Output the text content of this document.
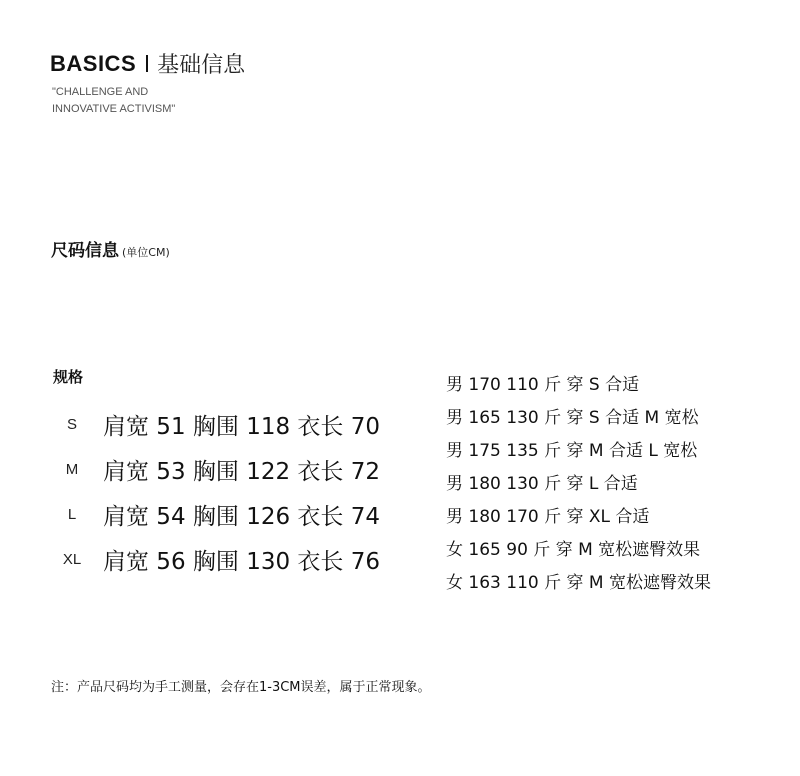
BASICS 基础信息
"CHALLENGE AND
INNOVATIVE ACTIVISM"
尺码信息 (单位CM)
规格
S	肩宽 51 胸围 118 衣长 70
M	肩宽 53 胸围 122 衣长 72
L	肩宽 54 胸围 126 衣长 74
XL 肩宽 56 胸围 130 衣长 76
男 170 110 斤 穿 S 合适
男 165 130 斤 穿 S 合适 M 宽松
男 175 135 斤 穿 M 合适 L 宽松
男 180 130 斤 穿 L 合适
男 180 170 斤 穿 XL 合适
女 165 90 斤 穿 M 宽松遮臀效果
女 163 110 斤 穿 M 宽松遮臀效果
注：产品尺码均为手工测量，会存在1-3CM误差，属于正常现象。
